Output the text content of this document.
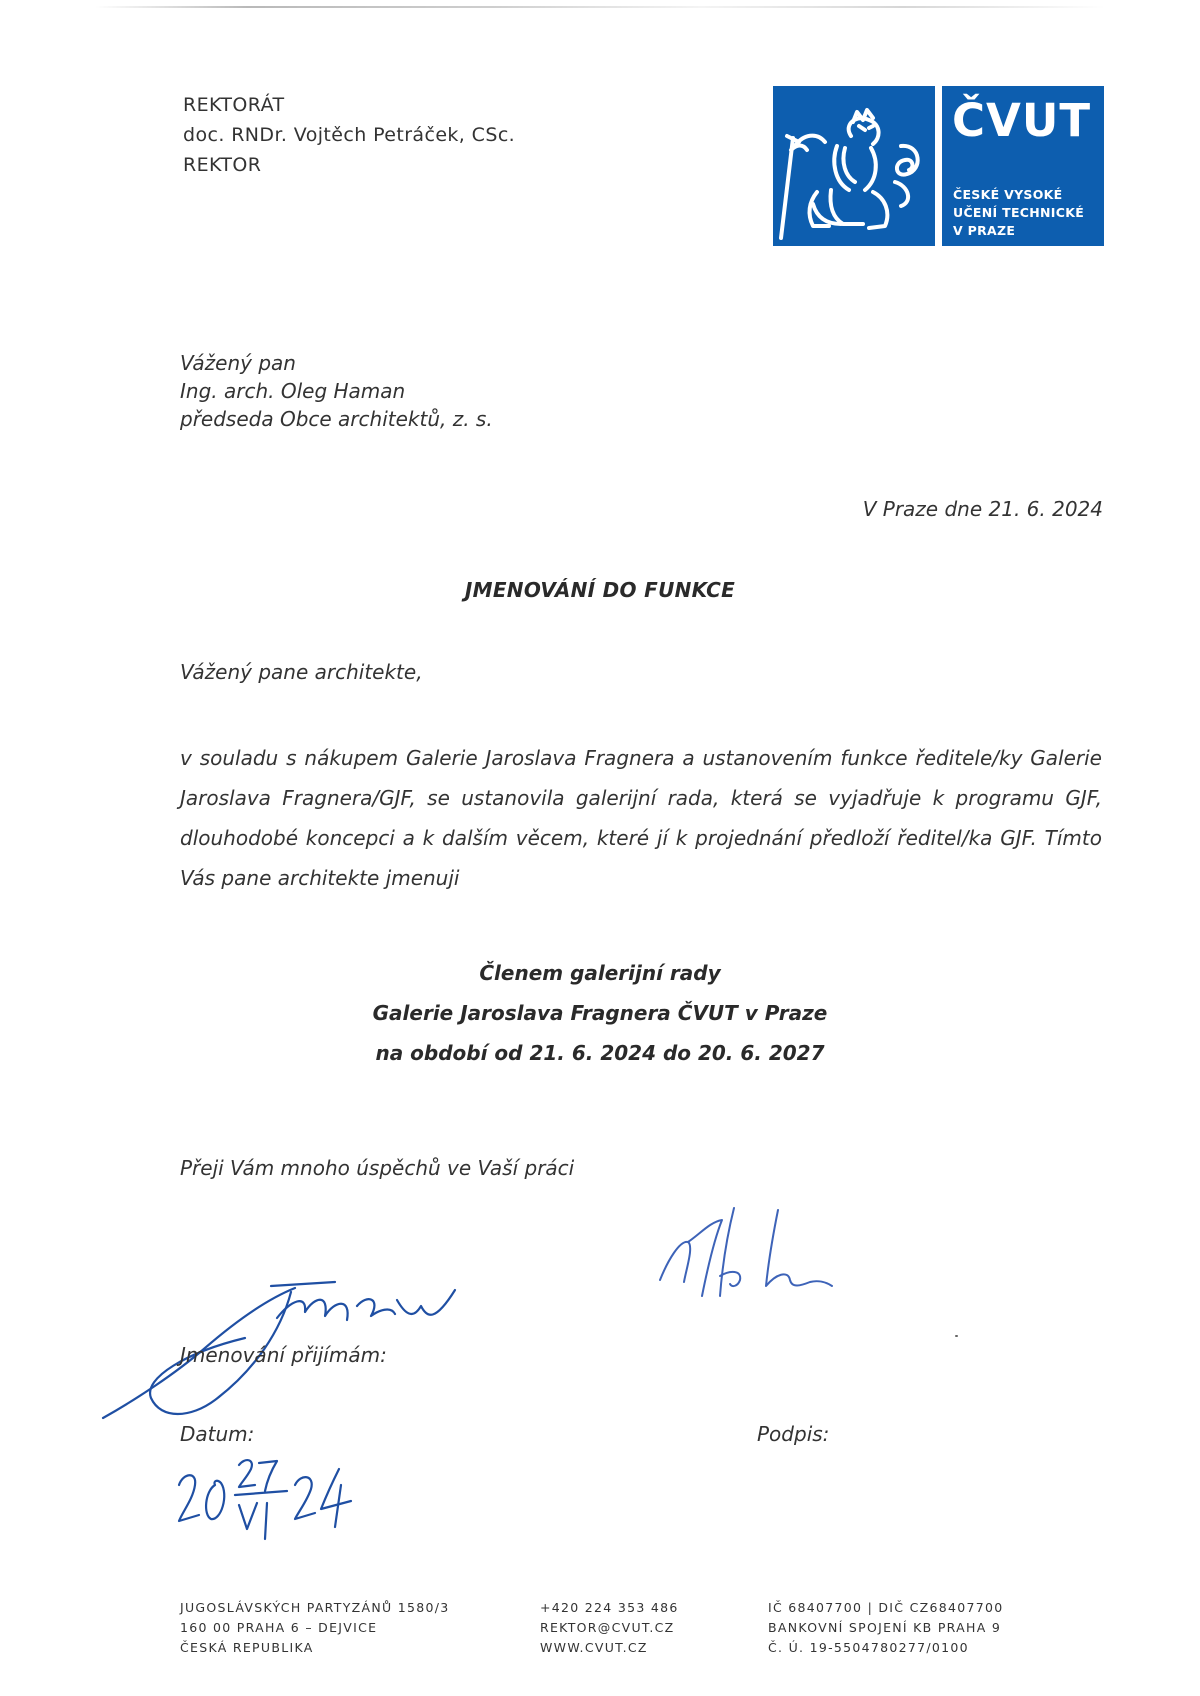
REKTORÁT
doc. RNDr. Vojtěch Petráček, CSc.
REKTOR
ČVUT
ČESKÉ VYSOKÉ
UČENÍ TECHNICKÉ
V PRAZE
Vážený pan
Ing. arch. Oleg Haman
předseda Obce architektů, z. s.
V Praze dne 21. 6. 2024
JMENOVÁNÍ DO FUNKCE
Vážený pane architekte,
v souladu s nákupem Galerie Jaroslava Fragnera a ustanovením funkce ředitele/ky Galerie Jaroslava Fragnera/GJF, se ustanovila galerijní rada, která se vyjadřuje k programu GJF, dlouhodobé koncepci a k dalším věcem, které jí k projednání předloží ředitel/ka GJF. Tímto Vás pane architekte jmenuji
Členem galerijní rady
Galerie Jaroslava Fragnera ČVUT v Praze
na období od 21. 6. 2024 do 20. 6. 2027
Přeji Vám mnoho úspěchů ve Vaší práci
Jmenování přijímám:
Datum:	Podpis:
JUGOSLÁVSKÝCH PARTYZÁNŮ 1580/3
160 00 PRAHA 6 – DEJVICE
ČESKÁ REPUBLIKA
+420 224 353 486
REKTOR@CVUT.CZ
WWW.CVUT.CZ
IČ 68407700 | DIČ CZ68407700
BANKOVNÍ SPOJENÍ KB PRAHA 9
Č. Ú. 19-5504780277/0100
